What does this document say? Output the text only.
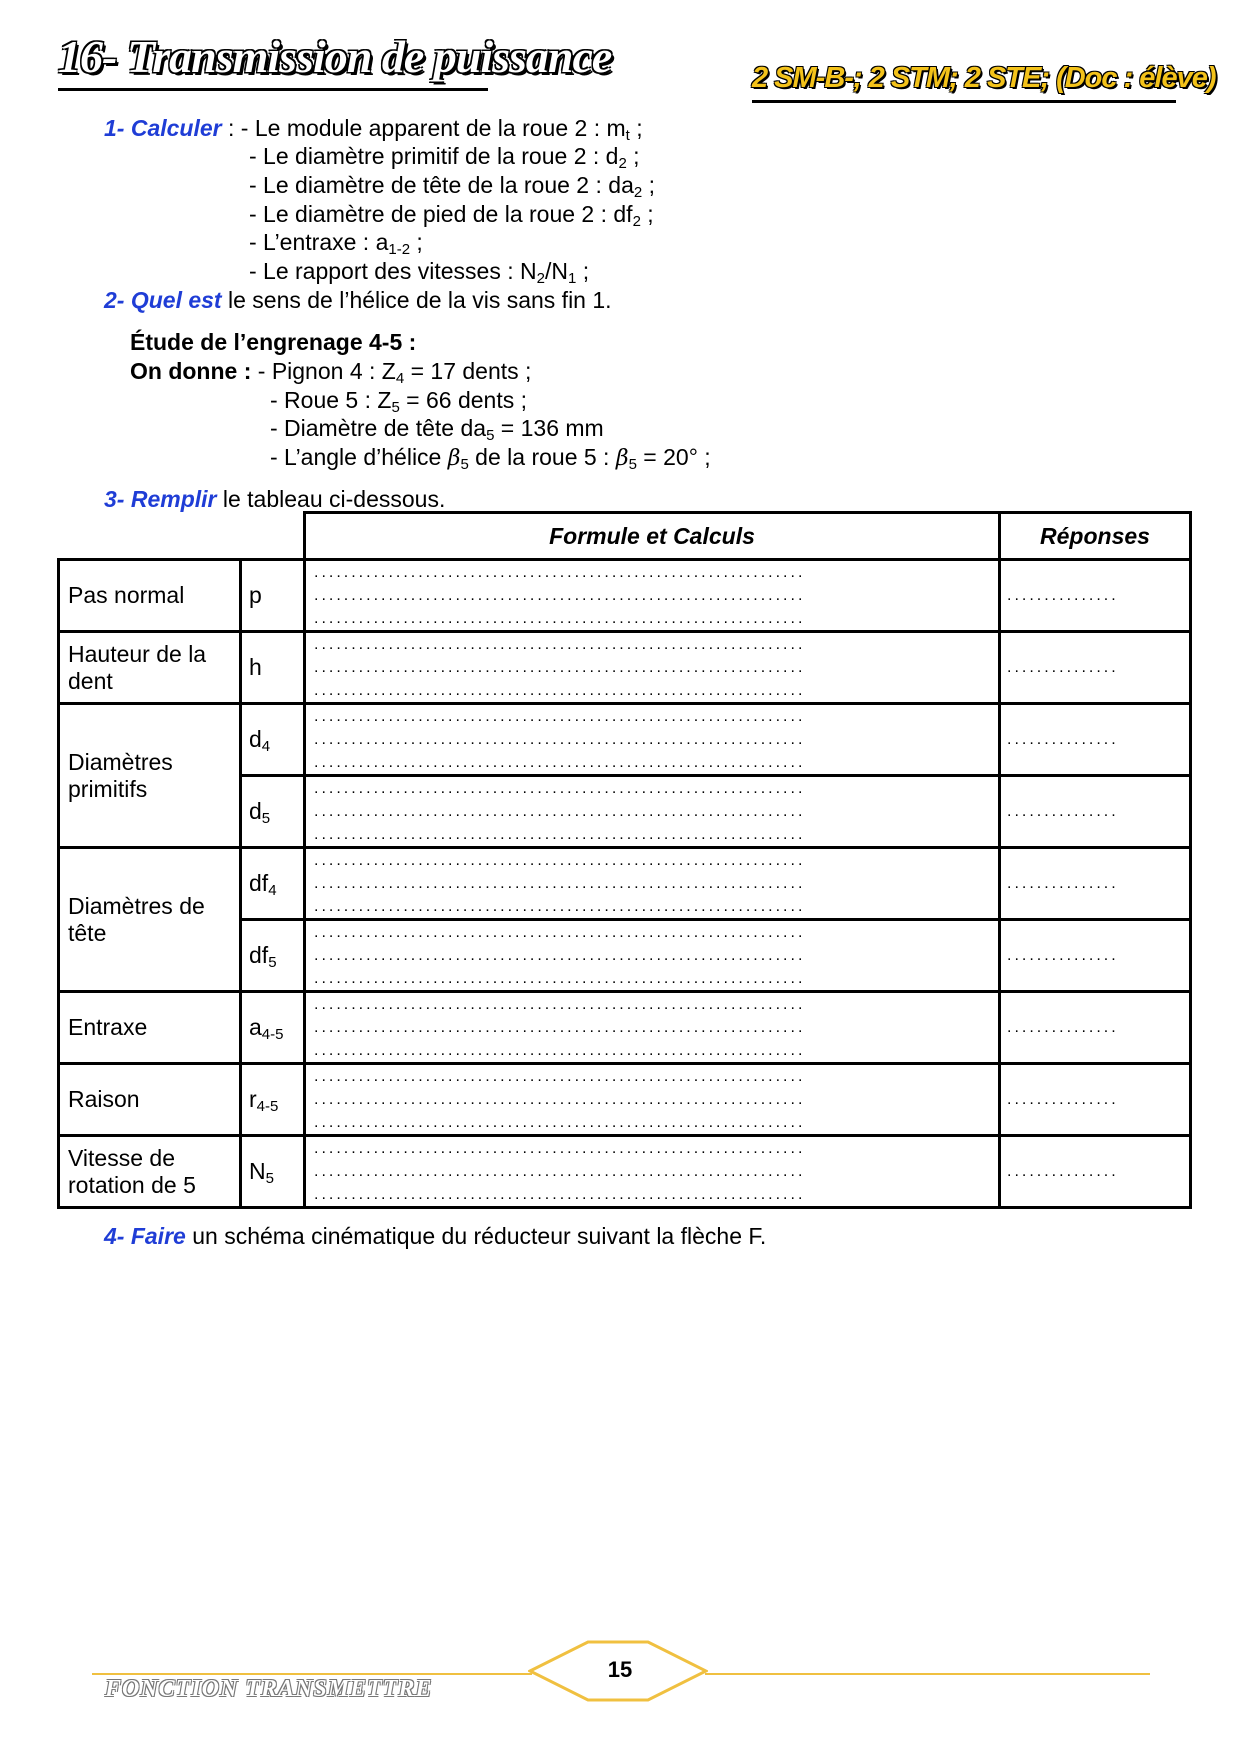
16- Transmission de puissance	2 SM-B-; 2 STM; 2 STE; (Doc : élève)
1- Calculer : - Le module apparent de la roue 2 : $m_t$ ;
- Le diamètre primitif de la roue 2 : $d_2$ ;
- Le diamètre de tête de la roue 2 : $da_2$ ;
- Le diamètre de pied de la roue 2 : $df_2$ ;
- L’entraxe : $a_{1-2}$ ;
- Le rapport des vitesses : $N_2/N_1$ ;
2- Quel est le sens de l’hélice de la vis sans fin 1.
Étude de l’engrenage 4-5 :
On donne : - Pignon 4 : $Z_4 = 17$ dents ;
- Roue 5 : $Z_5 = 66$ dents ;
- Diamètre de tête $da_5 = 136$ mm
- L’angle d’hélice $\beta_5$ de la roue 5 : $\beta_5 = 20^\circ$ ;
3- Remplir le tableau ci-dessous.
		Formule et Calculs	Réponses
Pas normal	p	..................................................................
..................................................................
..................................................................	...............

Hauteur de la dent	h	..................................................................
..................................................................
..................................................................	...............

Diamètres primitifs	$d_4$	..................................................................
..................................................................
..................................................................	...............

	$d_5$	..................................................................
..................................................................
..................................................................	...............

Diamètres de tête	$df_4$	..................................................................
..................................................................
..................................................................	...............

	$df_5$	..................................................................
..................................................................
..................................................................	...............

Entraxe	$a_{4-5}$	..................................................................
..................................................................
..................................................................	...............

Raison	$r_{4-5}$	..................................................................
..................................................................
..................................................................	...............

Vitesse de rotation de 5	$N_5$	..................................................................
..................................................................
..................................................................	...............
4- Faire un schéma cinématique du réducteur suivant la flèche F.
15
FONCTION TRANSMETTRE
